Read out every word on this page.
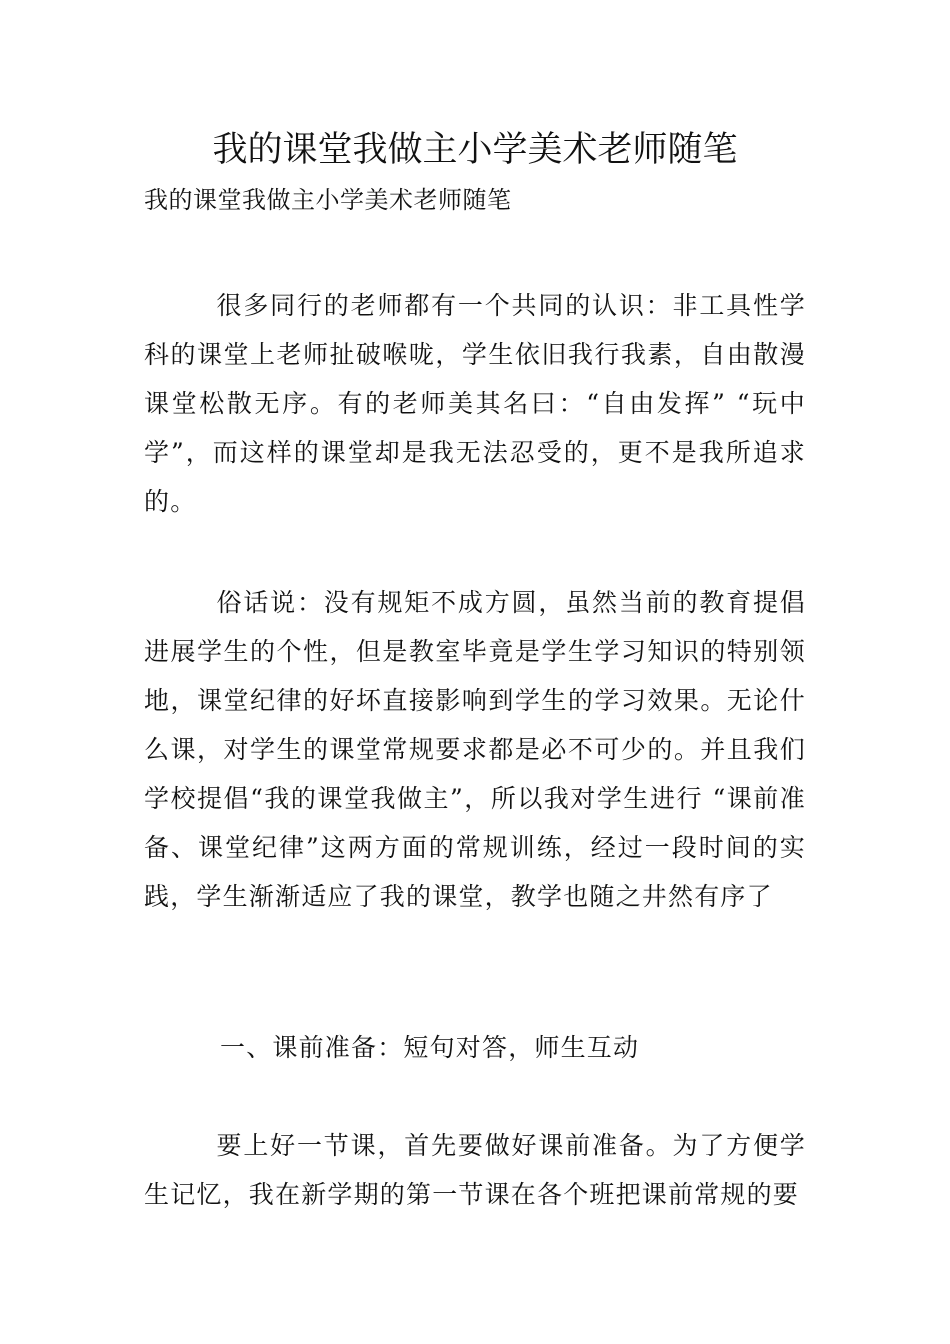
我的课堂我做主小学美术老师随笔

我的课堂我做主小学美术老师随笔

很多同行的老师都有一个共同的认识：非工具性学科的课堂上老师扯破喉咙，学生依旧我行我素，自由散漫课堂松散无序。有的老师美其名曰：“自由发挥” “玩中学”，而这样的课堂却是我无法忍受的，更不是我所追求的。

俗话说：没有规矩不成方圆，虽然当前的教育提倡进展学生的个性，但是教室毕竟是学生学习知识的特别领地，课堂纪律的好坏直接影响到学生的学习效果。无论什么课，对学生的课堂常规要求都是必不可少的。并且我们学校提倡“我的课堂我做主”，所以我对学生进行 “课前准备、课堂纪律”这两方面的常规训练，经过一段时间的实践，学生渐渐适应了我的课堂，教学也随之井然有序了

一、课前准备：短句对答，师生互动

要上好一节课，首先要做好课前准备。为了方便学生记忆，我在新学期的第一节课在各个班把课前常规的要
